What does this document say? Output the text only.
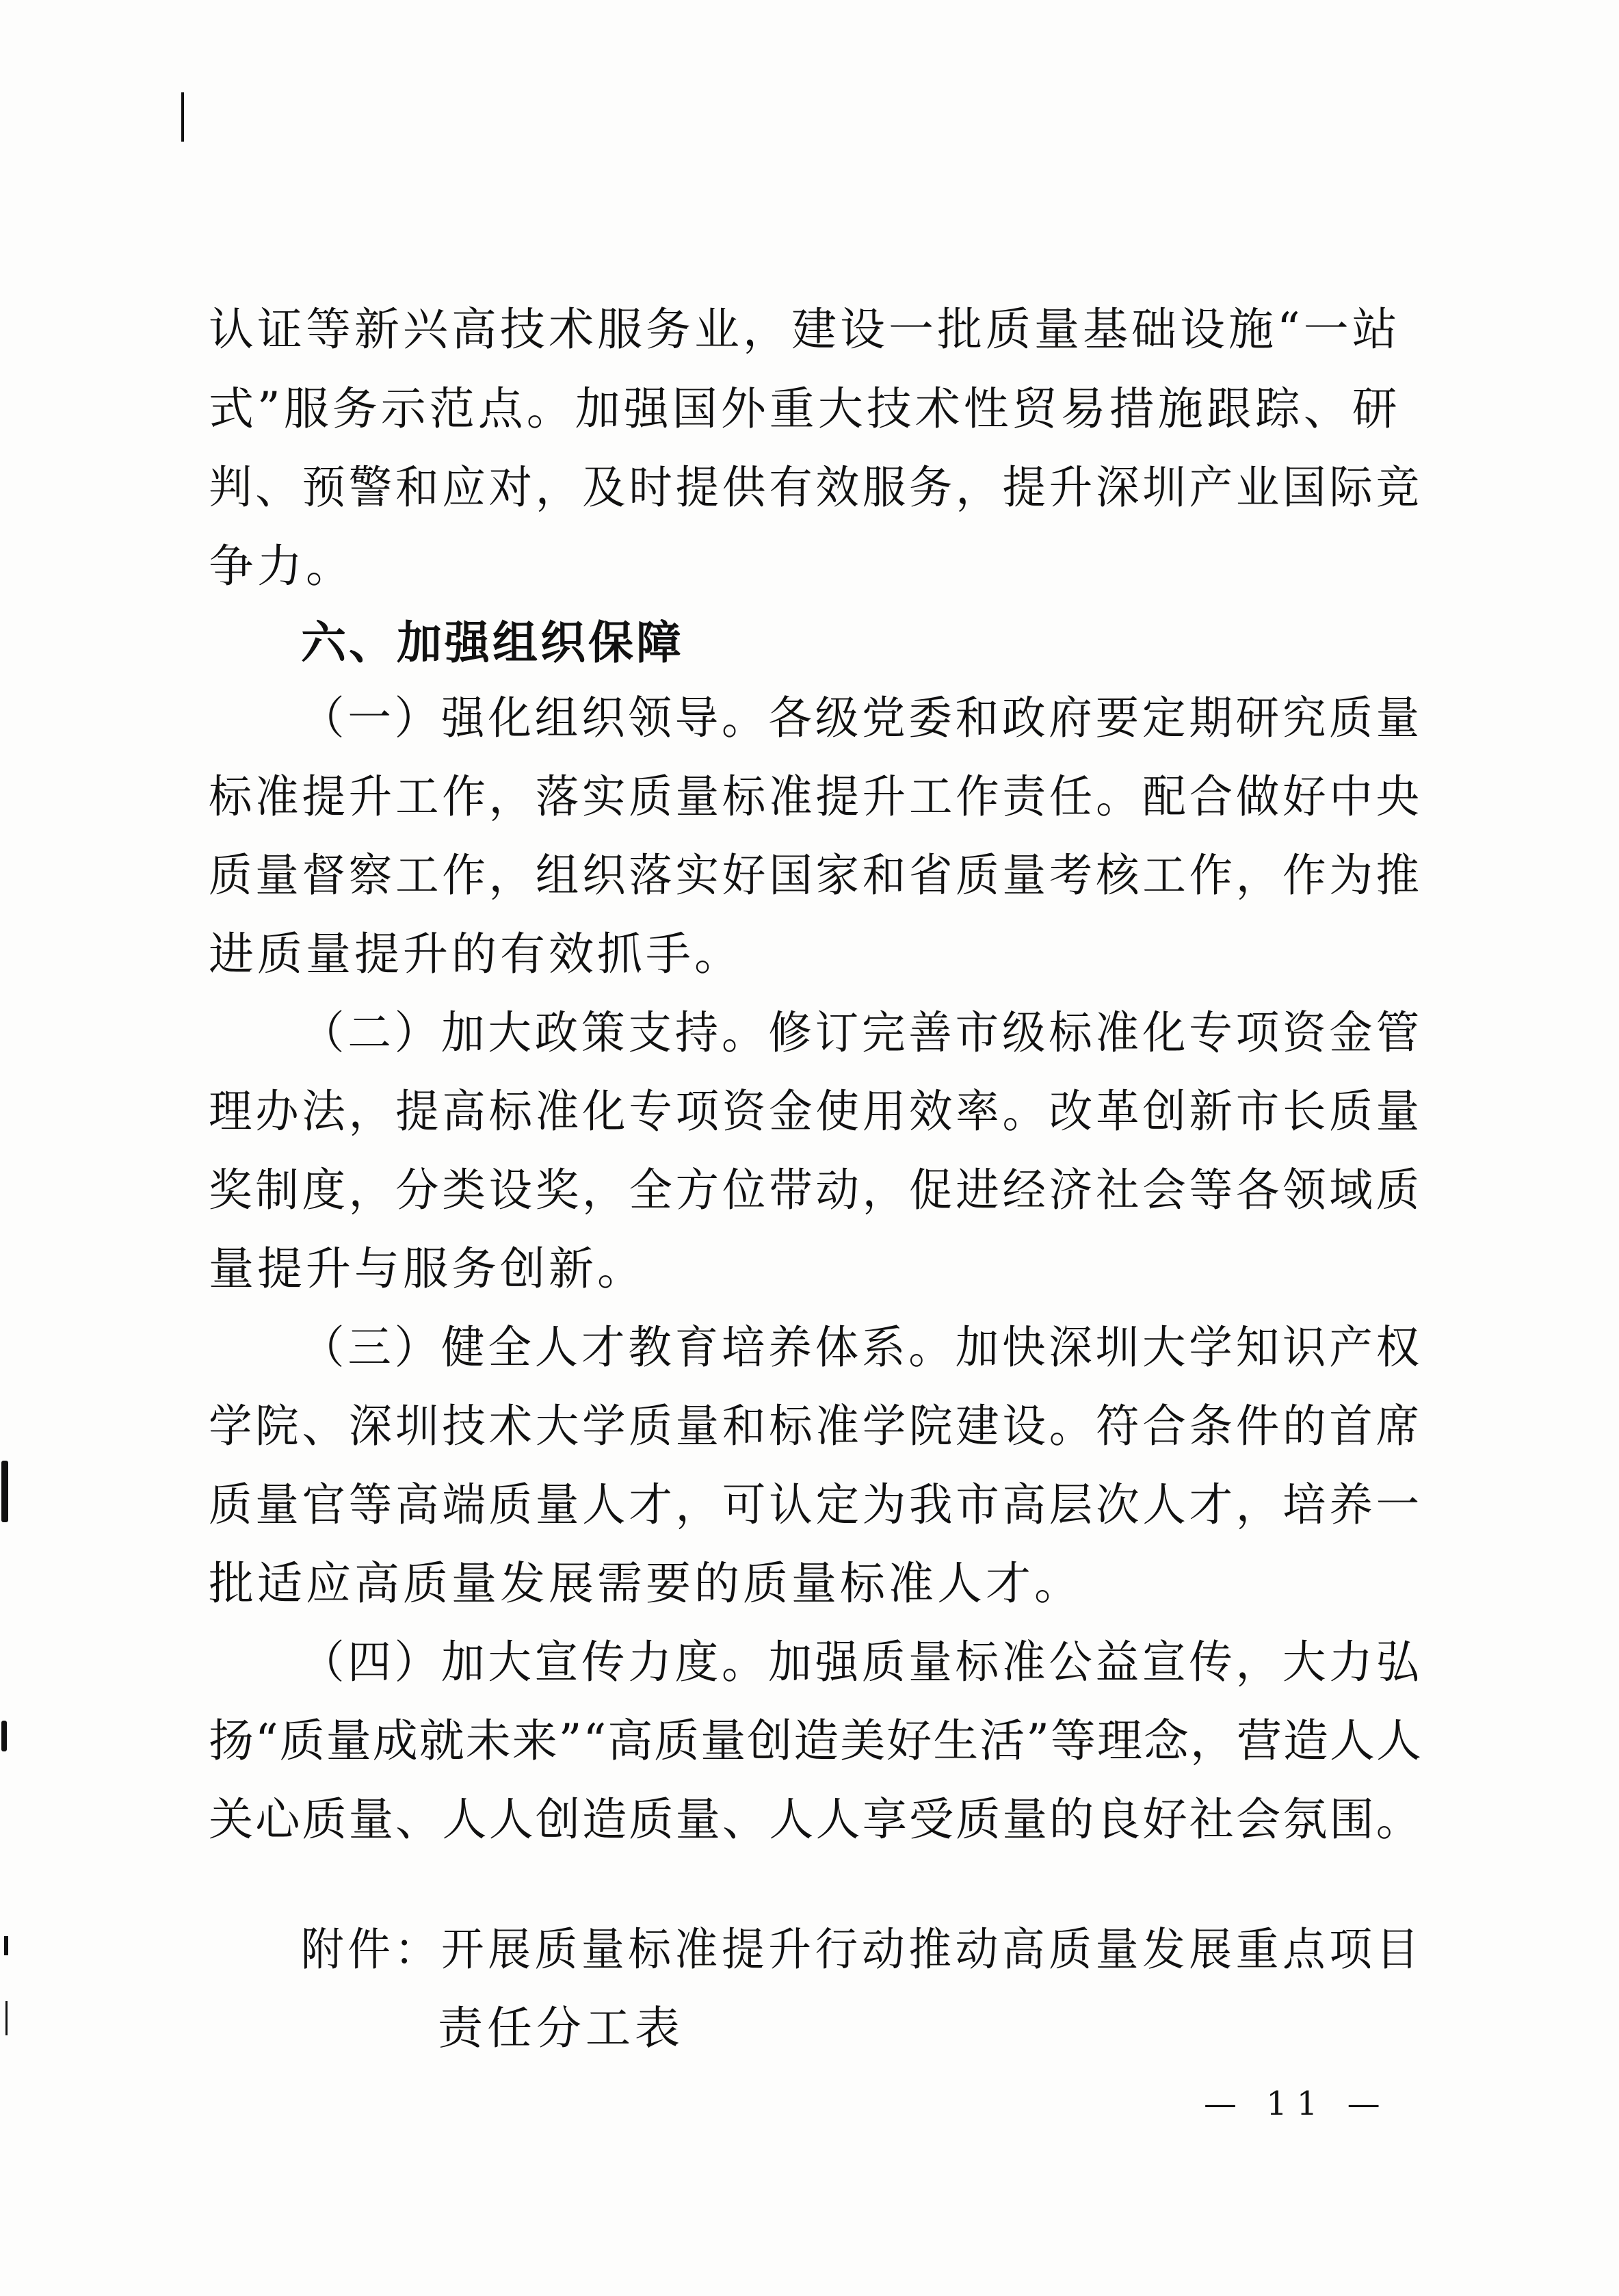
认证等新兴高技术服务业，建设一批质量基础设施“一站
式”服务示范点。加强国外重大技术性贸易措施跟踪、研
判、预警和应对，及时提供有效服务，提升深圳产业国际竞
争力。
六、加强组织保障
（一）强化组织领导。各级党委和政府要定期研究质量
标准提升工作，落实质量标准提升工作责任。配合做好中央
质量督察工作，组织落实好国家和省质量考核工作，作为推
进质量提升的有效抓手。
（二）加大政策支持。修订完善市级标准化专项资金管
理办法，提高标准化专项资金使用效率。改革创新市长质量
奖制度，分类设奖，全方位带动，促进经济社会等各领域质
量提升与服务创新。
（三）健全人才教育培养体系。加快深圳大学知识产权
学院、深圳技术大学质量和标准学院建设。符合条件的首席
质量官等高端质量人才，可认定为我市高层次人才，培养一
批适应高质量发展需要的质量标准人才。
（四）加大宣传力度。加强质量标准公益宣传，大力弘
扬“质量成就未来”“高质量创造美好生活”等理念，营造人人
关心质量、人人创造质量、人人享受质量的良好社会氛围。
附件：开展质量标准提升行动推动高质量发展重点项目
责任分工表
— 11 —
